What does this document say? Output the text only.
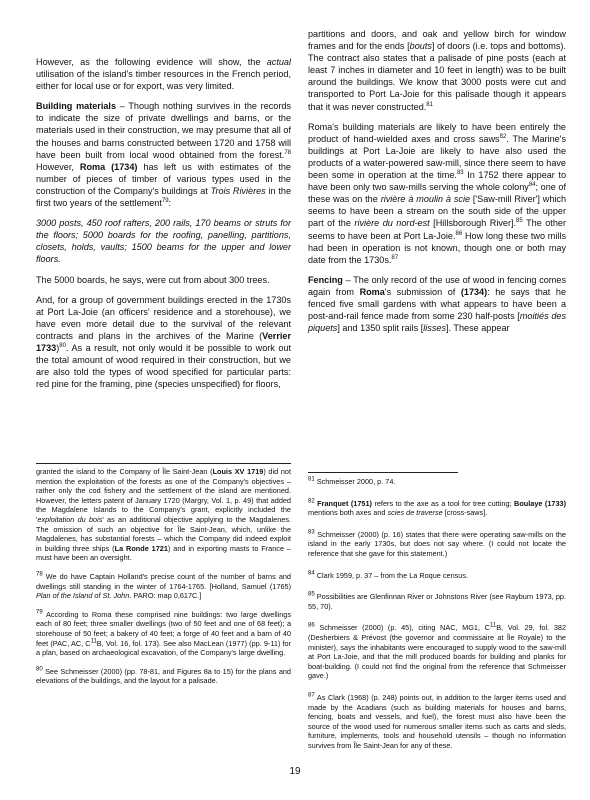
However, as the following evidence will show, the actual utilisation of the island's timber resources in the French period, either for local use or for export, was very limited.

Building materials – Though nothing survives in the records to indicate the size of private dwellings and barns, or the materials used in their construction, we may presume that all of the houses and barns constructed between 1720 and 1758 will have been built from local wood obtained from the forest.$^{78}$ However, Roma (1734) has left us with estimates of the number of pieces of timber of various types used in the construction of the Company's buildings at Trois Rivières in the first two years of the settlement$^{79}$:

3000 posts, 450 roof rafters, 200 rails, 170 beams or struts for the floors; 5000 boards for the roofing, panelling, partitions, closets, holds, vaults; 1500 beams for the upper and lower floors.

The 5000 boards, he says, were cut from about 300 trees.

And, for a group of government buildings erected in the 1730s at Port La-Joie (an officers' residence and a storehouse), we have even more detail due to the survival of the relevant contracts and plans in the archives of the Marine (Verrier 1733)$^{80}$. As a result, not only would it be possible to work out the total amount of wood required in their construction, but we are also told the types of wood specified for particular parts: red pine for the framing, pine (species unspecified) for floors,

partitions and doors, and oak and yellow birch for window frames and for the ends [bouts] of doors (i.e. tops and bottoms). The contract also states that a palisade of pine posts (each at least 7 inches in diameter and 10 feet in length) was to be built around the buildings. We know that 3000 posts were cut and transported to Port La-Joie for this palisade though it appears that it was never constructed.$^{81}$

Roma's building materials are likely to have been entirely the product of hand-wielded axes and cross saws$^{82}$. The Marine's buildings at Port La-Joie are likely to have also used the products of a water-powered saw-mill, since there seem to have been some in operation at the time.$^{83}$ In 1752 there appear to have been only two saw-mills serving the whole colony$^{84}$; one of these was on the rivière à moulin à scie ['Saw-mill River'] which seems to have been a stream on the south side of the upper part of the rivière du nord-est [Hillsborough River].$^{85}$ The other seems to have been at Port La-Joie.$^{86}$ How long these two mills had been in operation is not known, though one or both may date from the 1730s.$^{87}$

Fencing – The only record of the use of wood in fencing comes again from Roma's submission of (1734): he says that he fenced five small gardens with what appears to have been a post-and-rail fence made from some 230 half-posts [moitiés des piquets] and 1350 split rails [lisses]. These appear

granted the island to the Company of Île Saint-Jean (Louis XV 1719) did not mention the exploitation of the forests as one of the Company's objectives – rather only the cod fishery and the settlement of the island are mentioned. However, the letters patent of January 1720 (Margry, Vol. 1, p. 49) that added the Magdalene Islands to the Company's grant, explicitly included the 'exploitation du bois' as an additional objective applying to the Magdalenes. The omission of such an objective for Île Saint-Jean, which, unlike the Magdalenes, has substantial forests – which the Company did indeed exploit in building three ships (La Ronde 1721) and in exporting masts to France – must have been an oversight.

$^{78}$ We do have Captain Holland's precise count of the number of barns and dwellings still standing in the winter of 1764-1765. [Holland, Samuel (1765) Plan of the Island of St. John. PARO: map 0,617C.]

$^{79}$ According to Roma these comprised nine buildings: two large dwellings each of 80 feet; three smaller dwellings (two of 50 feet and one of 68 feet); a storehouse of 50 feet; a bakery of 40 feet; a forge of 40 feet and a barn of 40 feet (PAC, AC, $C^{11}B$, Vol. 16, fol. 173). See also MacLean (1977) (pp. 9-11) for a plan, based on archaeological excavation, of the Company's large dwelling.

$^{80}$ See Schmeisser (2000) (pp. 78-81, and Figures 8a to 15) for the plans and elevations of the buildings, and the layout for a palisade.

$^{81}$ Schmeisser 2000, p. 74.

$^{82}$ Franquet (1751) refers to the axe as a tool for tree cutting; Boulaye (1733) mentions both axes and scies de traverse [cross-saws].

$^{83}$ Schmeisser (2000) (p. 16) states that there were operating saw-mills on the island in the early 1730s, but does not say where. (I could not locate the reference that she gave for this statement.)

$^{84}$ Clark 1959, p. 37 – from the La Roque census.

$^{85}$ Possibilities are Glenfinnan River or Johnstons River (see Rayburn 1973, pp. 55, 70).

$^{86}$ Schmeisser (2000) (p. 45), citing NAC, MG1, $C^{11}B$, Vol. 29, fol. 382 (Desherbiers & Prévost (the governor and commissaire at Île Royale) to the minister), says the inhabitants were encouraged to supply wood to the saw-mill at Port La-Joie, and that the mill produced boards for building and planks for boat-building. (I could not find the original from the reference that Schmeisser gave.)

$^{87}$ As Clark (1968) (p. 248) points out, in addition to the larger items used and made by the Acadians (such as building materials for houses and barns, fencing, boats and vessels, and fuel), the forest must also have been the source of the wood used for numerous smaller items such as carts and sleds, furniture, implements, tools and household utensils – though no information survives from Île Saint-Jean for any of these.

19
